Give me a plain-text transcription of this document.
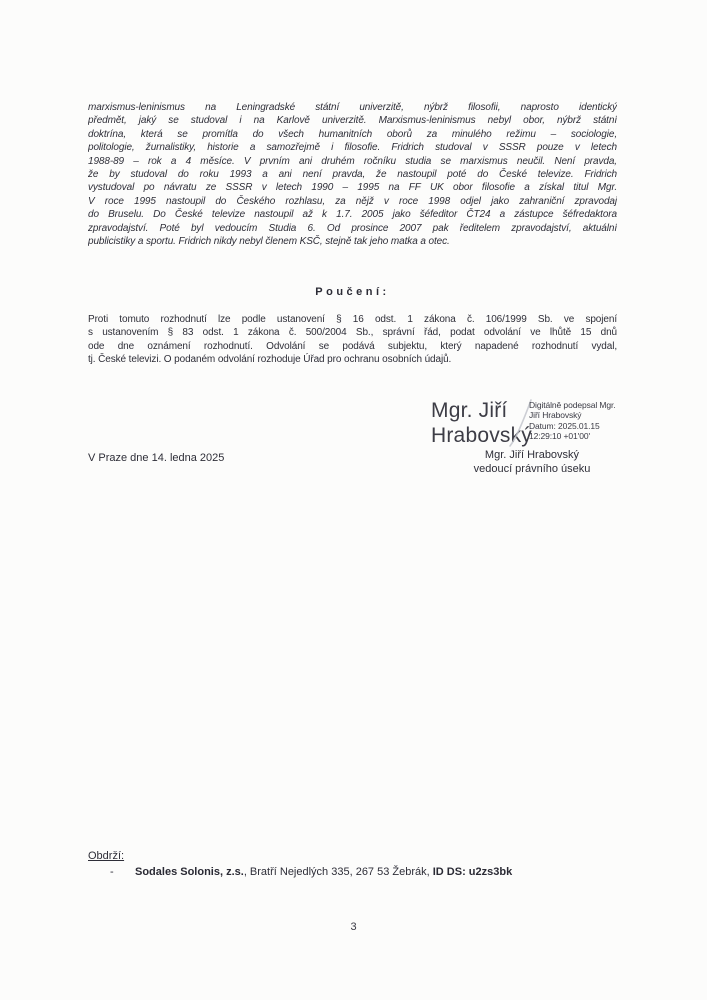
marxismus-leninismus na Leningradské státní univerzitě, nýbrž filosofii, naprosto identický
předmět, jaký se studoval i na Karlově univerzitě. Marxismus-leninismus nebyl obor, nýbrž státní
doktrína, která se promítla do všech humanitních oborů za minulého režimu – sociologie,
politologie, žurnalistiky, historie a samozřejmě i filosofie. Fridrich studoval v SSSR pouze v letech
1988-89 – rok a 4 měsíce. V prvním ani druhém ročníku studia se marxismus neučil. Není pravda,
že by studoval do roku 1993 a ani není pravda, že nastoupil poté do České televize. Fridrich
vystudoval po návratu ze SSSR v letech 1990 – 1995 na FF UK obor filosofie a získal titul Mgr.
V roce 1995 nastoupil do Českého rozhlasu, za nějž v roce 1998 odjel jako zahraniční zpravodaj
do Bruselu. Do České televize nastoupil až k 1.7. 2005 jako šéfeditor ČT24 a zástupce šéfredaktora
zpravodajství. Poté byl vedoucím Studia 6. Od prosince 2007 pak ředitelem zpravodajství, aktuální
publicistiky a sportu. Fridrich nikdy nebyl členem KSČ, stejně tak jeho matka a otec.
Poučení:
Proti tomuto rozhodnutí lze podle ustanovení § 16 odst. 1 zákona č. 106/1999 Sb. ve spojení
s ustanovením § 83 odst. 1 zákona č. 500/2004 Sb., správní řád, podat odvolání ve lhůtě 15 dnů
ode dne oznámení rozhodnutí. Odvolání se podává subjektu, který napadené rozhodnutí vydal,
tj. České televizi. O podaném odvolání rozhoduje Úřad pro ochranu osobních údajů.
V Praze dne 14. ledna 2025
Mgr. Jiří
Hrabovský
Digitálně podepsal Mgr.
Jiří Hrabovský
Datum: 2025.01.15
12:29:10 +01'00'
Mgr. Jiří Hrabovský
vedoucí právního úseku
Obdrží:
- Sodales Solonis, z.s., Bratří Nejedlých 335, 267 53 Žebrák, ID DS: u2zs3bk
3
